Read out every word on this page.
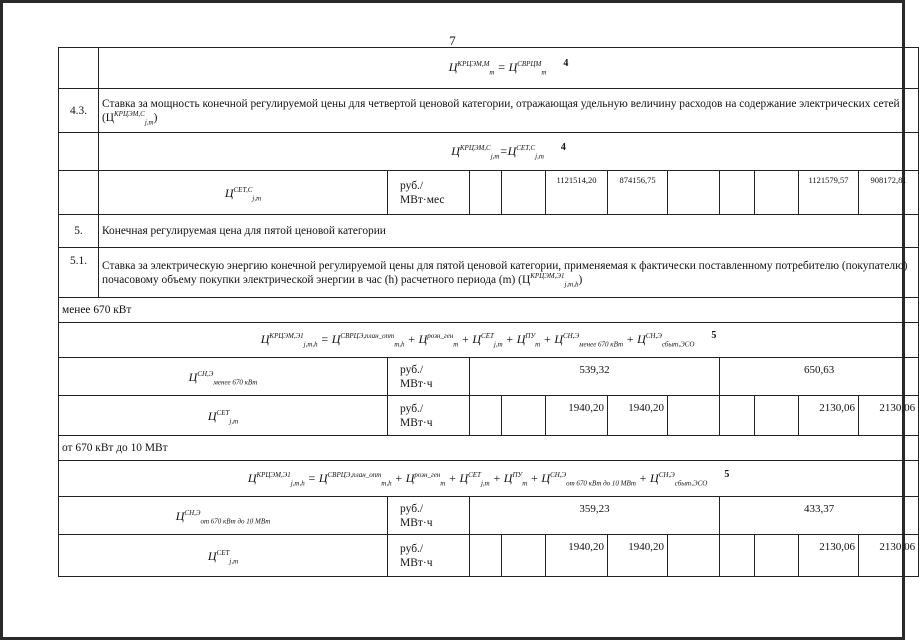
7
	$Ц^{КРЦЭМ,М}_m = Ц^{СВРЦМ}_m$ $^4$
4.3.	Ставка за мощность конечной регулируемой цены для четвертой ценовой категории, отражающая удельную величину расходов на содержание электрических сетей $(Ц^{КРЦЭМ,C}_{j,m})$										
	$Ц^{КРЦЭМ,C}_{j,m}=Ц^{СЕТ,C}_{j,m}$ $^4$
	$Ц^{СЕТ,C}_{j,m}$	руб./
МВт·мес			1121514,20	874156,75				1121579,57	908172,81
5.	Конечная регулируемая цена для пятой ценовой категории										
5.1.	Ставка за электрическую энергию конечной регулируемой цены для пятой ценовой категории, применяемая к фактически поставленному потребителю (покупателю) почасовому объему покупки электрической энергии в час (h) расчетного периода (m) $(Ц^{КРЦЭМ,Э1}_{j,m,h})$										
менее 670 кВт											
$Ц^{КРЦЭМ,Э1}_{j,m,h} = Ц^{СВРЦЭ,план\_опт}_{m,h} + Ц^{розн\_ген}_m + Ц^{СЕТ}_{j,m} + Ц^{ПУ}_m + Ц^{СН,Э}_{менее 670 кВт} + Ц^{СН,Э}_{сбыт,ЭСО}$ $^5$
$Ц^{СН,Э}_{менее 670 кВт}$		руб./
МВт·ч	539,32					650,63			
$Ц^{СЕТ}_{j,m}$		руб./
МВт·ч			1940,20	1940,20				2130,06	2130,06
от 670 кВт до 10 МВт											
$Ц^{КРЦЭМ,Э1}_{j,m,h} = Ц^{СВРЦЭ,план\_опт}_{m,h} + Ц^{розн\_ген}_m + Ц^{СЕТ}_{j,m} + Ц^{ПУ}_m + Ц^{СН,Э}_{от 670 кВт до 10 МВт} + Ц^{СН,Э}_{сбыт,ЭСО}$ $^5$
$Ц^{СН,Э}_{от 670 кВт до 10 МВт}$		руб./
МВт·ч	359,23					433,37			
$Ц^{СЕТ}_{j,m}$		руб./
МВт·ч			1940,20	1940,20				2130,06	2130,06
